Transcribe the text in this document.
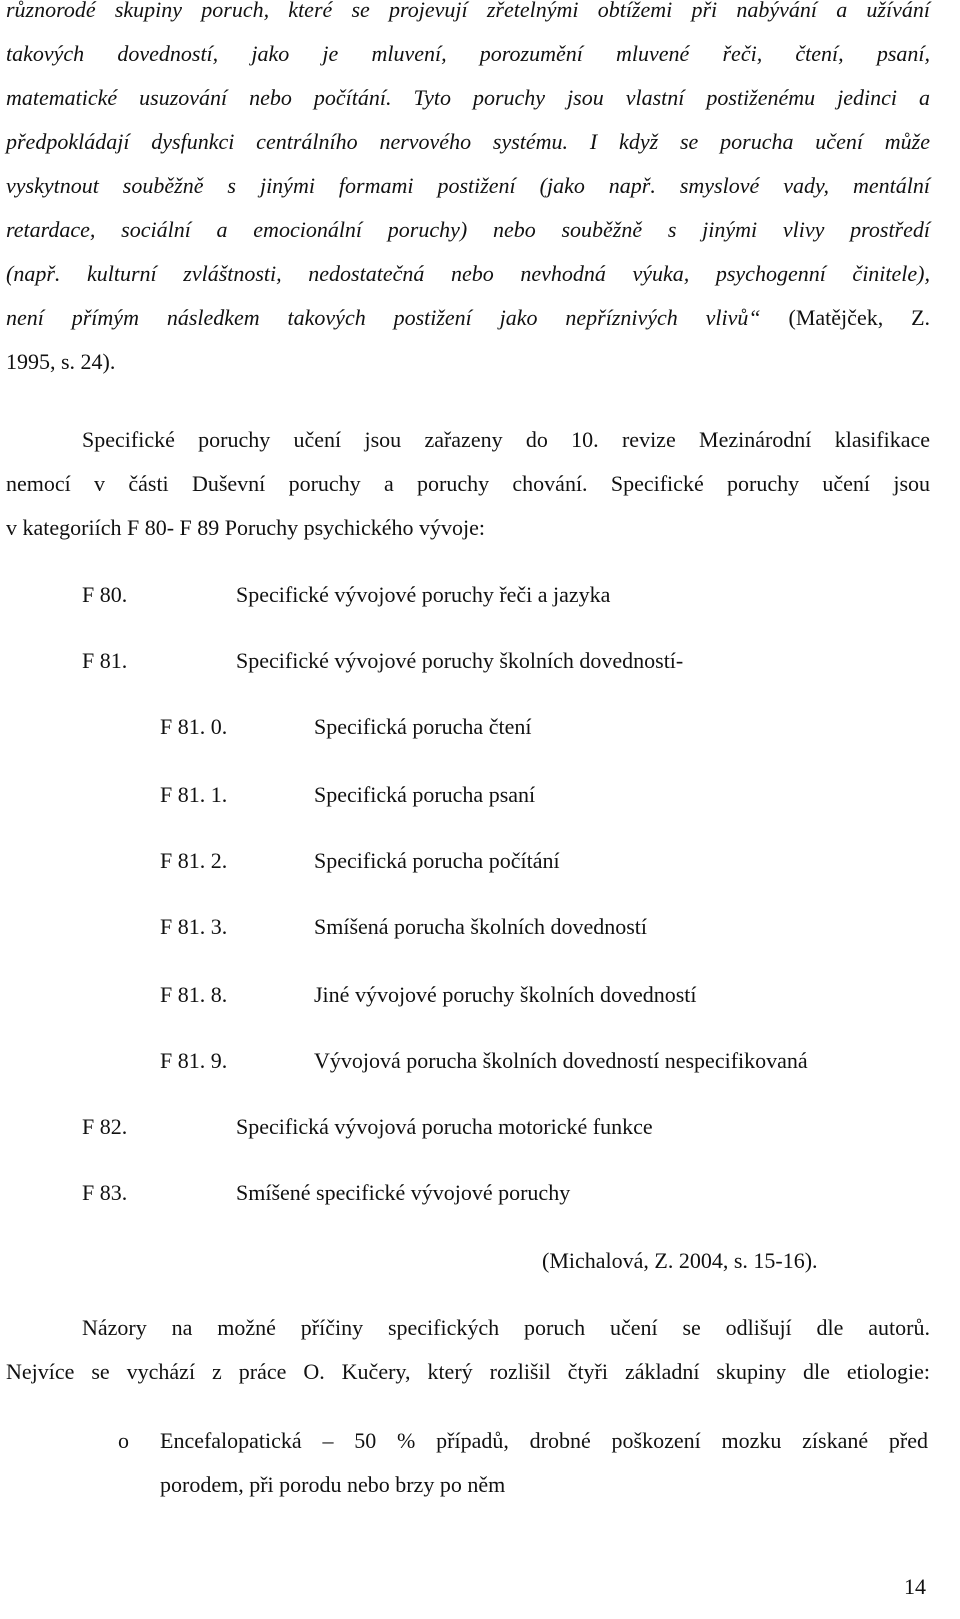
různorodé skupiny poruch, které se projevují zřetelnými obtížemi při nabývání a užívání
takových dovedností, jako je mluvení, porozumění mluvené řeči, čtení, psaní,
matematické usuzování nebo počítání. Tyto poruchy jsou vlastní postiženému jedinci a
předpokládají dysfunkci centrálního nervového systému. I když se porucha učení může
vyskytnout souběžně s jinými formami postižení (jako např. smyslové vady, mentální
retardace, sociální a emocionální poruchy) nebo souběžně s jinými vlivy prostředí
(např. kulturní zvláštnosti, nedostatečná nebo nevhodná výuka, psychogenní činitele),
není přímým následkem takových postižení jako nepříznivých vlivů“ (Matějček, Z.
1995, s. 24).
Specifické poruchy učení jsou zařazeny do 10. revize Mezinárodní klasifikace
nemocí v části Duševní poruchy a poruchy chování. Specifické poruchy učení jsou
v kategoriích F 80- F 89 Poruchy psychického vývoje:
F 80.	Specifické vývojové poruchy řeči a jazyka
F 81.	Specifické vývojové poruchy školních dovedností-
F 81. 0.	Specifická porucha čtení
F 81. 1.	Specifická porucha psaní
F 81. 2.	Specifická porucha počítání
F 81. 3.	Smíšená porucha školních dovedností
F 81. 8.	Jiné vývojové poruchy školních dovedností
F 81. 9.	Vývojová porucha školních dovedností nespecifikovaná
F 82.	Specifická vývojová porucha motorické funkce
F 83.	Smíšené specifické vývojové poruchy
(Michalová, Z. 2004, s. 15-16).
Názory na možné příčiny specifických poruch učení se odlišují dle autorů.
Nejvíce se vychází z práce O. Kučery, který rozlišil čtyři základní skupiny dle etiologie:
o Encefalopatická – 50 % případů, drobné poškození mozku získané před
porodem, při porodu nebo brzy po něm
14
